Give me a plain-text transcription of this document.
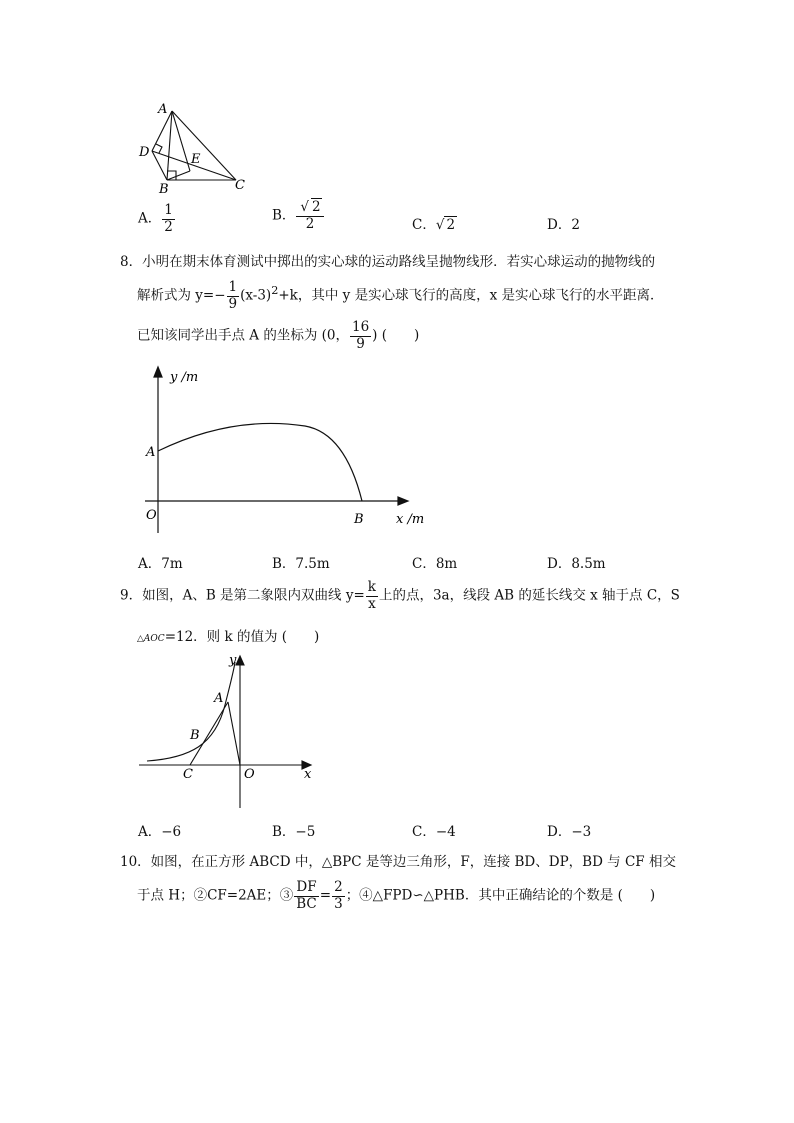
A
D	E
B	C
A． $\frac{1}{2}$	B． $\frac{√ 2}{2}$	C．√ 2	D．2
8．小明在期末体育测试中掷出的实心球的运动路线呈抛物线形．若实心球运动的抛物线的
解析式为 $y=- \frac{1}{9} (x-3)^2+k$，其中 y 是实心球飞行的高度，x 是实心球飞行的水平距离．
已知该同学出手点 A 的坐标为 (0， $\frac{16}{9}$ ) (　　)
y /m
A
O	B x /m
A．7m	B．7.5m	C．8m	D．8.5m
9．如图，A、B 是第二象限内双曲线 $y= \frac{k}{x}$ 上的点，3a，线段 AB 的延长线交 x 轴于点 C，S
△AOC=12．则 k 的值为 (　　)
y
A
B
C	O	x
A．−6	B．−5	C．−4	D．−3
10．如图，在正方形 ABCD 中，△BPC 是等边三角形，F，连接 BD、DP，BD 与 CF 相交
于点 H；②CF=2AE；③ $\frac{DF}{BC} = \frac{2}{3}$ ；④△FPD∽△PHB．其中正确结论的个数是 (　　)
